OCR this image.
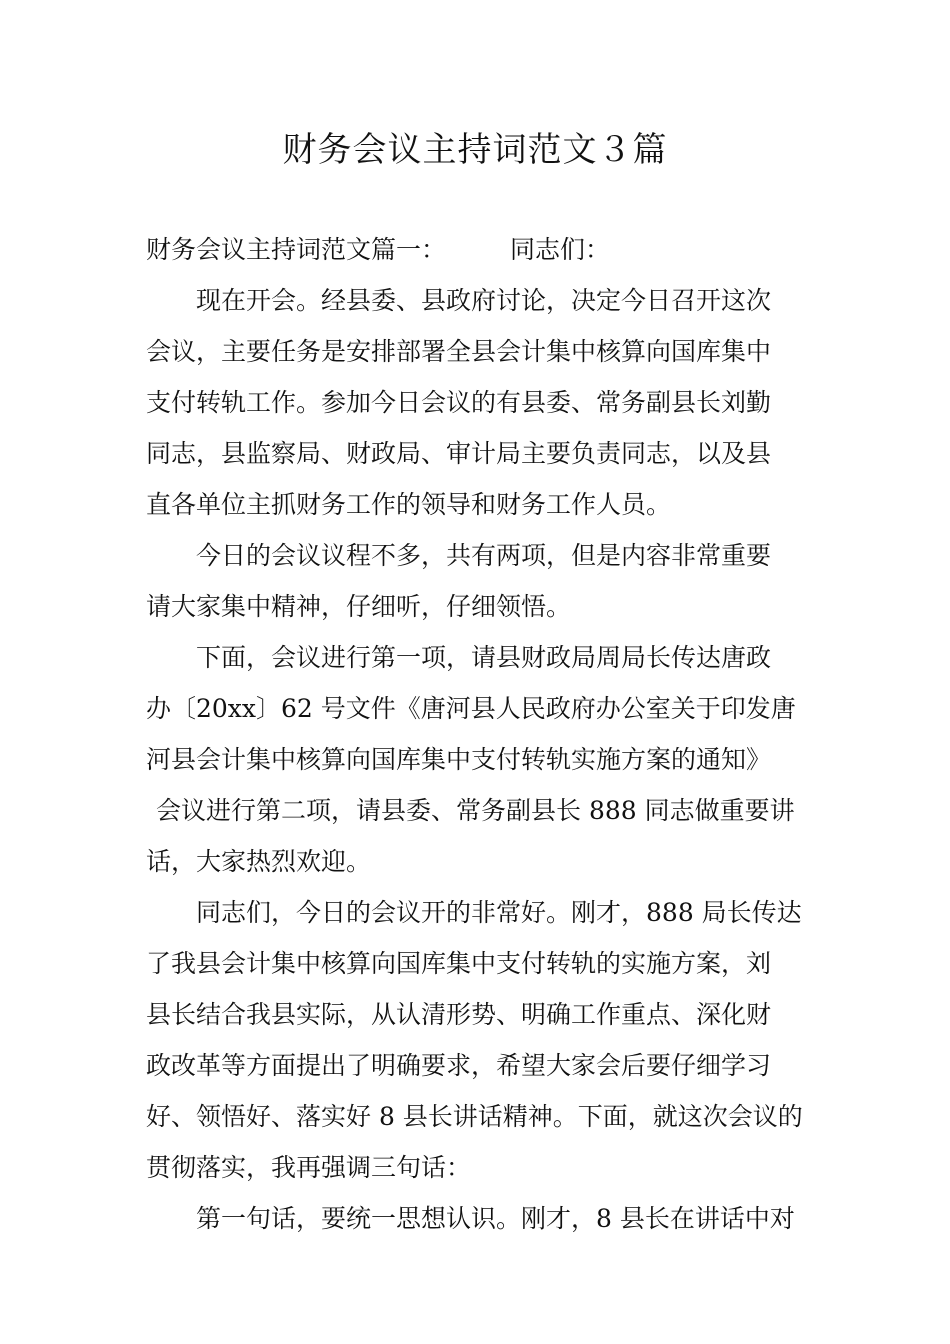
财务会议主持词范文３篇
财务会议主持词范文篇一：	同志们：
现在开会。经县委、县政府讨论，决定今日召开这次
会议，主要任务是安排部署全县会计集中核算向国库集中
支付转轨工作。参加今日会议的有县委、常务副县长刘勤
同志，县监察局、财政局、审计局主要负责同志，以及县
直各单位主抓财务工作的领导和财务工作人员。
今日的会议议程不多，共有两项，但是内容非常重要
请大家集中精神，仔细听，仔细领悟。
下面，会议进行第一项，请县财政局周局长传达唐政
办〔20xx〕62 号文件《唐河县人民政府办公室关于印发唐
河县会计集中核算向国库集中支付转轨实施方案的通知》
会议进行第二项，请县委、常务副县长 888 同志做重要讲
话，大家热烈欢迎。
同志们，今日的会议开的非常好。刚才，888 局长传达
了我县会计集中核算向国库集中支付转轨的实施方案，刘
县长结合我县实际，从认清形势、明确工作重点、深化财
政改革等方面提出了明确要求，希望大家会后要仔细学习
好、领悟好、落实好 8 县长讲话精神。下面，就这次会议的
贯彻落实，我再强调三句话：
第一句话，要统一思想认识。刚才，8 县长在讲话中对
